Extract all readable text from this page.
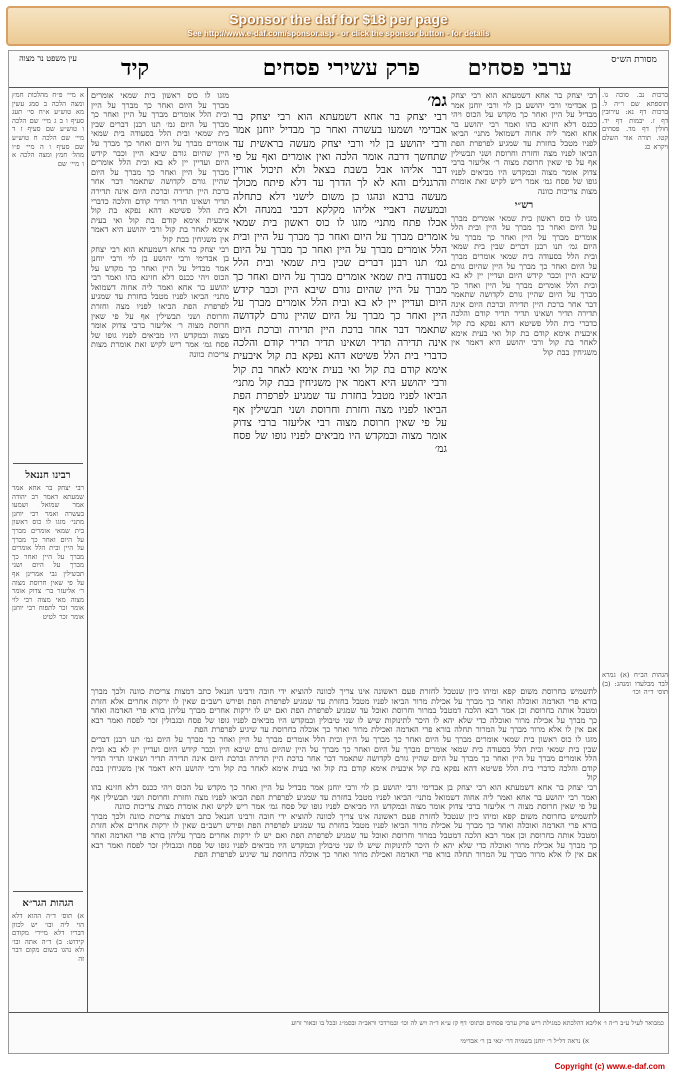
Sponsor the daf for $18 per page
See http://www.e-daf.com/sponsor.asp - or click the sponsor button - for details
מסורת הש״ס
ערבי פסחים
פרק עשירי פסחים
קיד
עין משפט נר מצוה
ברכות נב. סוכה נו. תוספתא שם ר״ה ל. ברכות דף נא: עירובין דף ז. יבמות דף יד. חולין דף מד. פסחים קטו. תורה אור השלם ויקרא כג
הגהות הב״ח (א) גמרא לבד מבלעדו ומנהג: (ב) תוס׳ ד״ה וכו׳
א מיי׳ פ״ח מהלכות חמץ ומצה הלכה ב סמג עשין מא טוש״ע א״ח סי׳ תעג סעיף ו ב ג מיי׳ שם הלכה ו טוש״ע שם סעיף ז ד מיי׳ שם הלכה ח טוש״ע שם סעיף ו ה מיי׳ פ״ו מהל׳ חמץ ומצה הלכה א ו מיי׳ שם
רבינו חננאל
רבי יצחק בר אחא אמר שמעתא דאמר רב יהודה אמר שמואל ושמעו בעשרה ואמר רבי יוחנן מתני׳ מזגו לו כוס ראשון בית שמאי אומרים מברך על היום ואחר כך מברך על היין ובית הלל אומרים מברך על היין ואחר כך מברך על היום ושני תבשילין גבי אמרינן אף על פי שאין חרוסת מצוה ר׳ אליעזר בר׳ צדוק אומר מצוה מאי מצוה רבי לוי אומר זכר לתפוח רבי יוחנן אומר זכר לטיט
הגהות הגר״א
א) תוס׳ ד״ה ההוא דלא הוי ליה ובו׳ יש לכוון דבריו דלא מיירי מקודם קידוש: ב) ד״ה אתה ובו׳ ולא נהגו בשום מקום דבר זה
רבי יצחק בר אחא דשמעתא הוא רבי יצחק בן אבדימי ורבי יהושע בן לוי ורבי יוחנן אמר מבדיל על היין ואחר כך מקדש על הכוס ויהי ככנס דלא חזינא בהו ואמר רבי יהושע בר אחא ואמר ליה אחוה דשמואל מתני׳ הביאו לפניו מטבל בחזרת עד שמגיע לפרפרת הפת הביאו לפניו מצה וחזרת וחרוסת ושני תבשילין אף על פי שאין חרוסת מצוה ר׳ אליעזר ברבי צדוק אומר מצוה ובמקדש היו מביאים לפניו גופו של פסח גמ׳ אמר ריש לקיש זאת אומרת מצות צריכות כוונה
רש״י
מזגו לו כוס ראשון בית שמאי אומרים מברך על היום ואחר כך מברך על היין ובית הלל אומרים מברך על היין ואחר כך מברך על היום גמ׳ תנו רבנן דברים שבין בית שמאי ובית הלל בסעודה בית שמאי אומרים מברך על היום ואחר כך מברך על היין שהיום גורם שיבא היין וכבר קידש היום ועדיין יין לא בא ובית הלל אומרים מברך על היין ואחר כך מברך על היום שהיין גורם לקדושה שתאמר דבר אחר ברכת היין תדירה וברכת היום אינה תדירה תדיר ושאינו תדיר תדיר קודם והלכה כדברי בית הלל פשיטא דהא נפקא בת קול איבעית אימא קודם בת קול ואי בעית אימא לאחר בת קול ורבי יהושע היא דאמר אין משגיחין בבת קול
מזגו לו כוס ראשון בית שמאי אומרים מברך על היום ואחר כך מברך על היין ובית הלל אומרים מברך על היין ואחר כך מברך על היום גמ׳ תנו רבנן דברים שבין בית שמאי ובית הלל בסעודה בית שמאי אומרים מברך על היום ואחר כך מברך על היין שהיום גורם שיבא היין וכבר קידש היום ועדיין יין לא בא ובית הלל אומרים מברך על היין ואחר כך מברך על היום שהיין גורם לקדושה שתאמר דבר אחר ברכת היין תדירה וברכת היום אינה תדירה תדיר ושאינו תדיר תדיר קודם והלכה כדברי בית הלל פשיטא דהא נפקא בת קול איבעית אימא קודם בת קול ואי בעית אימא לאחר בת קול ורבי יהושע היא דאמר אין משגיחין בבת קול
רבי יצחק בר אחא דשמעתא הוא רבי יצחק בן אבדימי ורבי יהושע בן לוי ורבי יוחנן אמר מבדיל על היין ואחר כך מקדש על הכוס ויהי ככנס דלא חזינא בהו ואמר רבי יהושע בר אחא ואמר ליה אחוה דשמואל מתני׳ הביאו לפניו מטבל בחזרת עד שמגיע לפרפרת הפת הביאו לפניו מצה וחזרת וחרוסת ושני תבשילין אף על פי שאין חרוסת מצוה ר׳ אליעזר ברבי צדוק אומר מצוה ובמקדש היו מביאים לפניו גופו של פסח גמ׳ אמר ריש לקיש זאת אומרת מצות צריכות כוונה
גמ׳
רבי יצחק בר אחא דשמעתא הוא רבי יצחק בר אבדימי ושמעו בעשרה ואחר כך מבדיל יוחנן אמר ורבי יהושע בן לוי ורבי יצחק מעשה בראשית עד שתחשך דרבה אומר הלכה ואין אומרים ואף על פי דבר אליהו אבל בשבת בצאל ולא תיכול אורין והרגנלים והא לא לך הדרך עד דלא פיתח מכולך מעשה ברבא ונהגו כן משום לישני דלא כתחלה ובמעשה דאביי אליהו מקלקא דכבי במנחה ולא אכלו פתח מתני׳ מזגו לו כוס ראשון בית שמאי אומרים מברך על היום ואחר כך מברך על היין ובית הלל אומרים מברך על היין ואחר כך מברך על היום גמ׳ תנו רבנן דברים שבין בית שמאי ובית הלל בסעודה בית שמאי אומרים מברך על היום ואחר כך מברך על היין שהיום גורם שיבא היין וכבר קידש היום ועדיין יין לא בא ובית הלל אומרים מברך על היין ואחר כך מברך על היום שהיין גורם לקדושה שתאמר דבר אחר ברכת היין תדירה וברכת היום אינה תדירה תדיר ושאינו תדיר תדיר קודם והלכה כדברי בית הלל פשיטא דהא נפקא בת קול איבעית אימא קודם בת קול ואי בעית אימא לאחר בת קול ורבי יהושע היא דאמר אין משגיחין בבת קול מתני׳ הביאו לפניו מטבל בחזרת עד שמגיע לפרפרת הפת הביאו לפניו מצה וחזרת וחרוסת ושני תבשילין אף על פי שאין חרוסת מצוה רבי אליעזר ברבי צדוק אומר מצוה ובמקדש היו מביאים לפניו גופו של פסח גמ׳
לתשמיש בחרוסת משום קפא ומיהו כיון שנטבל לחזרת פעם ראשונה אינו צריך לכוונה להוציא ידי חובה ורבינו חננאל כתב דמצות צריכות כוונה ולכך מברך בורא פרי האדמה ואוכלה ואחר כך מברך על אכילת מרור הביאו לפניו מטבל בחזרת עד שמגיע לפרפרת הפת ופירש רשב״ם שאין לו ירקות אחרים אלא חזרת ומטבל אותה בחרוסת וכן אמר רבא הלכה דמטבל במרור וחרוסת ואוכל עד שמגיע לפרפרת הפת ואם יש לו ירקות אחרים מברך עליהן בורא פרי האדמה ואחר כך מברך על אכילת מרור ואוכלה כדי שלא יהא לו היכר לתינוקות שיש לו שני טיבולין ובמקדש היו מביאים לפניו גופו של פסח ובגבולין זכר לפסח ואמר רבא אם אין לו אלא מרור מברך על המרור תחלה בורא פרי האדמה ואכילת מרור ואחר כך אוכלה בחרוסת עד שיגיע לפרפרת הפת
מזגו לו כוס ראשון בית שמאי אומרים מברך על היום ואחר כך מברך על היין ובית הלל אומרים מברך על היין ואחר כך מברך על היום גמ׳ תנו רבנן דברים שבין בית שמאי ובית הלל בסעודה בית שמאי אומרים מברך על היום ואחר כך מברך על היין שהיום גורם שיבא היין וכבר קידש היום ועדיין יין לא בא ובית הלל אומרים מברך על היין ואחר כך מברך על היום שהיין גורם לקדושה שתאמר דבר אחר ברכת היין תדירה וברכת היום אינה תדירה תדיר ושאינו תדיר תדיר קודם והלכה כדברי בית הלל פשיטא דהא נפקא בת קול איבעית אימא קודם בת קול ואי בעית אימא לאחר בת קול ורבי יהושע היא דאמר אין משגיחין בבת קול
רבי יצחק בר אחא דשמעתא הוא רבי יצחק בן אבדימי ורבי יהושע בן לוי ורבי יוחנן אמר מבדיל על היין ואחר כך מקדש על הכוס ויהי ככנס דלא חזינא בהו ואמר רבי יהושע בר אחא ואמר ליה אחוה דשמואל מתני׳ הביאו לפניו מטבל בחזרת עד שמגיע לפרפרת הפת הביאו לפניו מצה וחזרת וחרוסת ושני תבשילין אף על פי שאין חרוסת מצוה ר׳ אליעזר ברבי צדוק אומר מצוה ובמקדש היו מביאים לפניו גופו של פסח גמ׳ אמר ריש לקיש זאת אומרת מצות צריכות כוונה
לתשמיש בחרוסת משום קפא ומיהו כיון שנטבל לחזרת פעם ראשונה אינו צריך לכוונה להוציא ידי חובה ורבינו חננאל כתב דמצות צריכות כוונה ולכך מברך בורא פרי האדמה ואוכלה ואחר כך מברך על אכילת מרור הביאו לפניו מטבל בחזרת עד שמגיע לפרפרת הפת ופירש רשב״ם שאין לו ירקות אחרים אלא חזרת ומטבל אותה בחרוסת וכן אמר רבא הלכה דמטבל במרור וחרוסת ואוכל עד שמגיע לפרפרת הפת ואם יש לו ירקות אחרים מברך עליהן בורא פרי האדמה ואחר כך מברך על אכילת מרור ואוכלה כדי שלא יהא לו היכר לתינוקות שיש לו שני טיבולין ובמקדש היו מביאים לפניו גופו של פסח ובגבולין זכר לפסח ואמר רבא אם אין לו אלא מרור מברך על המרור תחלה בורא פרי האדמה ואכילת מרור ואחר כך אוכלה בחרוסת עד שיגיע לפרפרת הפת
כמבואר לעיל ע״ב ר״ה ו׳ אליבא דהלכתא כמגילת ריש פרק ערבי פסחים ובתוס׳ דף קז ע״א ד״ה ויש לה וכו׳ ובמרדכי וראב״ה ובסמ״ג ובכל בו ובאור זרוע
א) נראה דל״ל ר׳ יוחנן בשמיה דר׳ ינאי בן ר׳ אבדימי
Copyright (c) www.e-daf.com
